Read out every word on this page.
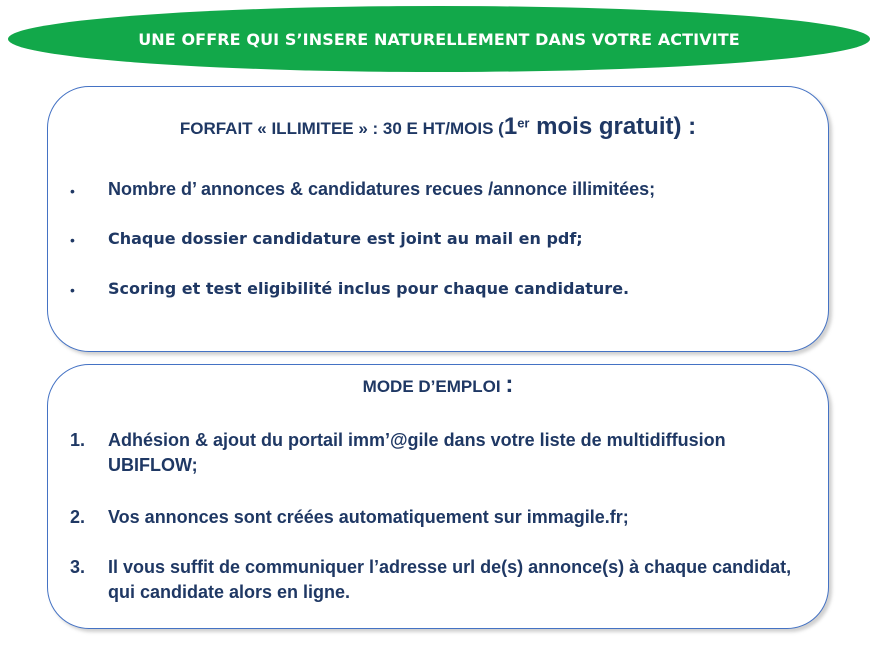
UNE OFFRE QUI S’INSERE NATURELLEMENT DANS VOTRE ACTIVITE
FORFAIT « ILLIMITEE » : 30 E HT/MOIS (1er mois gratuit) :
• Nombre d’ annonces & candidatures recues /annonce illimitées;
• Chaque dossier candidature est joint au mail en pdf;
• Scoring et test eligibilité inclus pour chaque candidature.
MODE D’EMPLOI :
1. Adhésion & ajout du portail imm’@gile dans votre liste de multidiffusion UBIFLOW;
2. Vos annonces sont créées automatiquement sur immagile.fr;
3. Il vous suffit de communiquer l’adresse url de(s) annonce(s) à chaque candidat, qui candidate alors en ligne.
